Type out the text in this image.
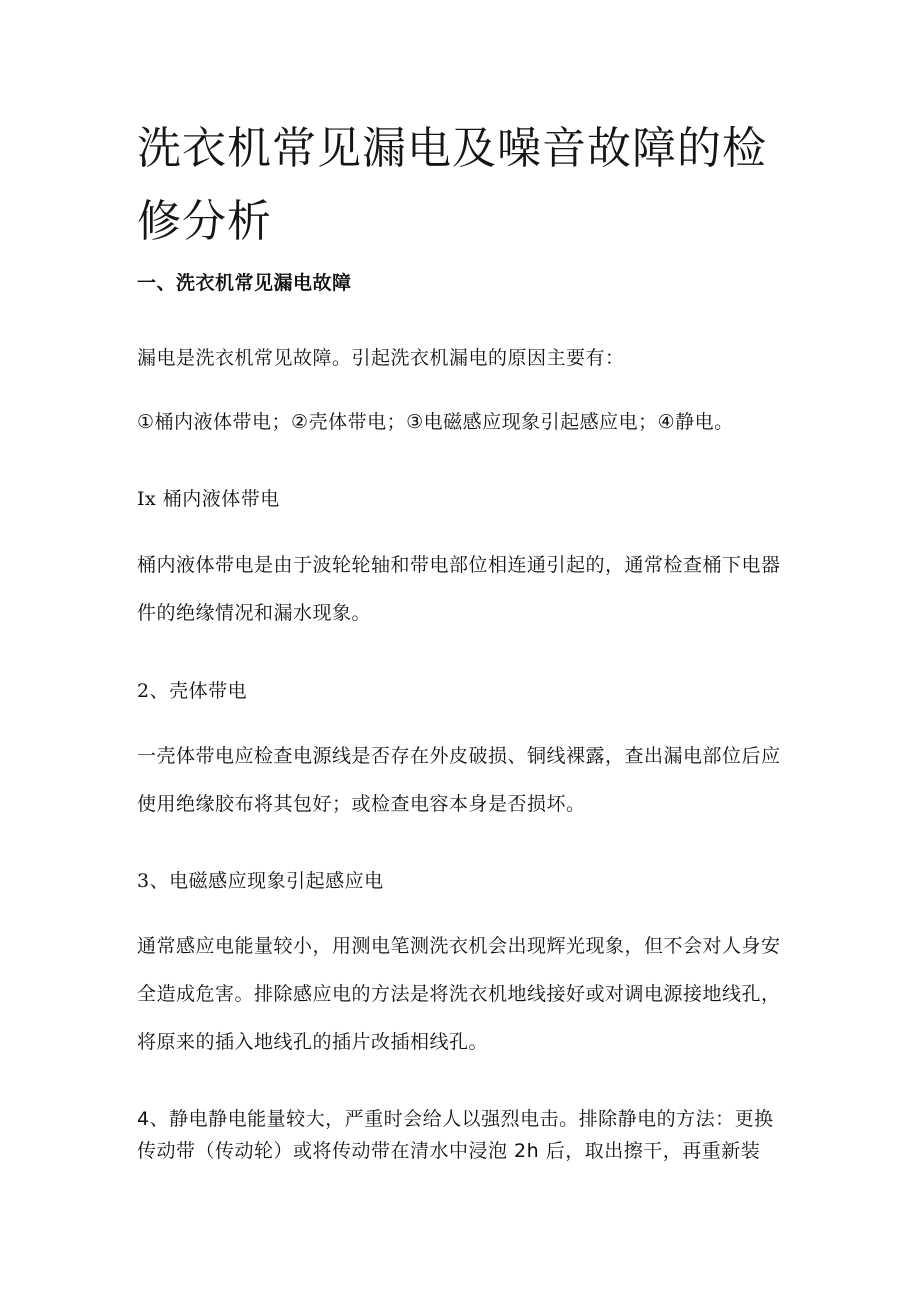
洗衣机常见漏电及噪音故障的检修分析
一、洗衣机常见漏电故障

漏电是洗衣机常见故障。引起洗衣机漏电的原因主要有：

①桶内液体带电；②壳体带电；③电磁感应现象引起感应电；④静电。

Ix 桶内液体带电

桶内液体带电是由于波轮轮轴和带电部位相连通引起的，通常检查桶下电器件的绝缘情况和漏水现象。

2、壳体带电

一壳体带电应检查电源线是否存在外皮破损、铜线裸露，查出漏电部位后应使用绝缘胶布将其包好；或检查电容本身是否损坏。

3、电磁感应现象引起感应电

通常感应电能量较小，用测电笔测洗衣机会出现辉光现象，但不会对人身安全造成危害。排除感应电的方法是将洗衣机地线接好或对调电源接地线孔，将原来的插入地线孔的插片改插相线孔。

4、静电静电能量较大，严重时会给人以强烈电击。排除静电的方法：更换传动带（传动轮）或将传动带在清水中浸泡 2h 后，取出擦干，再重新装
